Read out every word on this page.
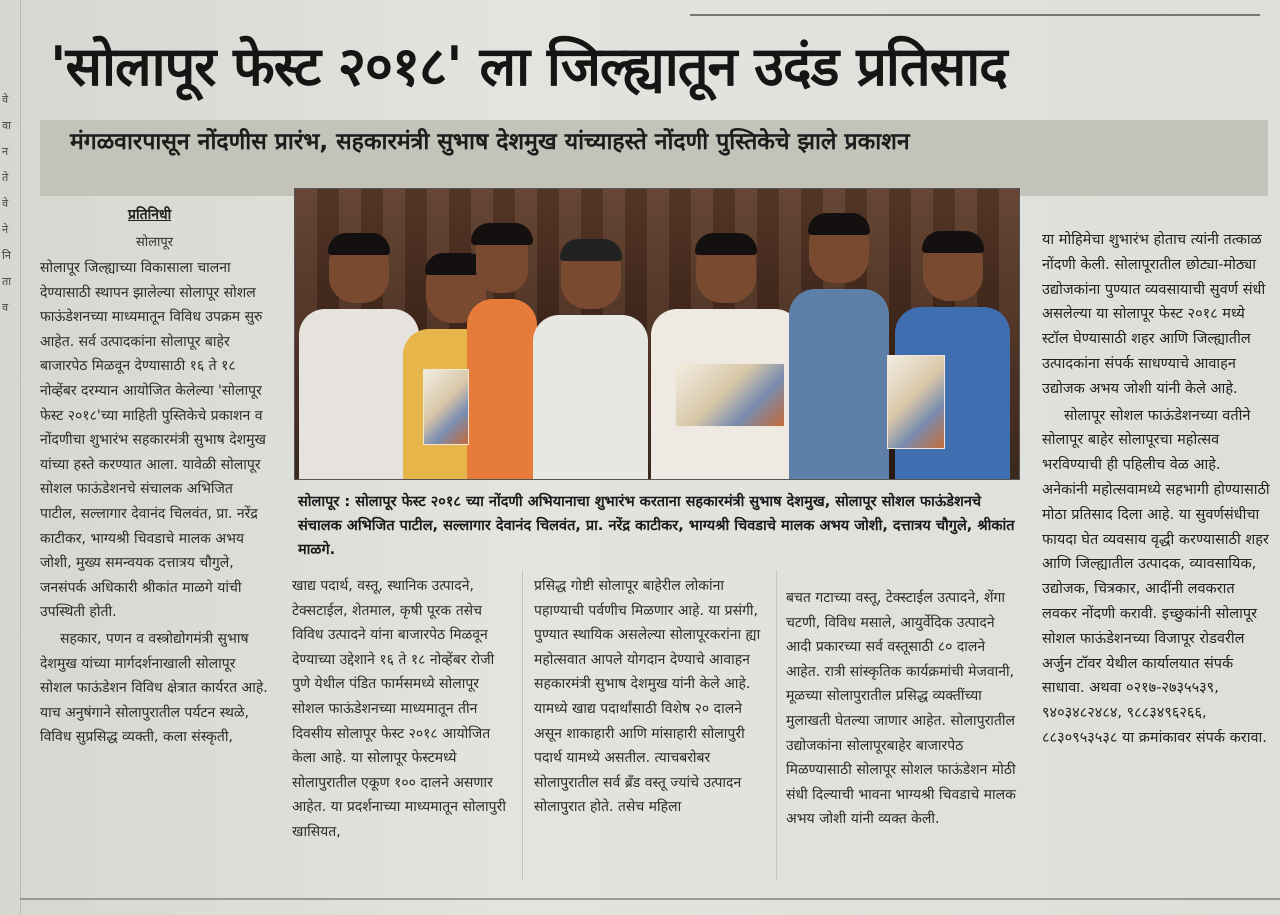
वे
वा
न
ते
वे
ने
नि
ता
व
'सोलापूर फेस्ट २०१८' ला जिल्ह्यातून उदंड प्रतिसाद
मंगळवारपासून नोंदणीस प्रारंभ, सहकारमंत्री सुभाष देशमुख यांच्याहस्ते नोंदणी पुस्तिकेचे झाले प्रकाशन
सोलापूर : सोलापूर फेस्ट २०१८ च्या नोंदणी अभियानाचा शुभारंभ करताना सहकारमंत्री सुभाष देशमुख, सोलापूर सोशल फाऊंडेशनचे संचालक अभिजित पाटील, सल्लागार देवानंद चिलवंत, प्रा. नरेंद्र काटीकर, भाग्यश्री चिवडाचे मालक अभय जोशी, दत्तात्रय चौगुले, श्रीकांत माळगे.
प्रतिनिधी
सोलापूर
सोलापूर जिल्ह्याच्या विकासाला चालना देण्यासाठी स्थापन झालेल्या सोलापूर सोशल फाऊंडेशनच्या माध्यमातून विविध उपक्रम सुरु आहेत. सर्व उत्पादकांना सोलापूर बाहेर बाजारपेठ मिळवून देण्यासाठी १६ ते १८ नोव्हेंबर दरम्यान आयोजित केलेल्या 'सोलापूर फेस्ट २०१८'च्या माहिती पुस्तिकेचे प्रकाशन व नोंदणीचा शुभारंभ सहकारमंत्री सुभाष देशमुख यांच्या हस्ते करण्यात आला. यावेळी सोलापूर सोशल फाऊंडेशनचे संचालक अभिजित पाटील, सल्लागार देवानंद चिलवंत, प्रा. नरेंद्र काटीकर, भाग्यश्री चिवडाचे मालक अभय जोशी, मुख्य समन्वयक दत्तात्रय चौगुले, जनसंपर्क अधिकारी श्रीकांत माळगे यांची उपस्थिती होती.
सहकार, पणन व वस्त्रोद्योगमंत्री सुभाष देशमुख यांच्या मार्गदर्शनाखाली सोलापूर सोशल फाऊंडेशन विविध क्षेत्रात कार्यरत आहे. याच अनुषंगाने सोलापुरातील पर्यटन स्थळे, विविध सुप्रसिद्ध व्यक्ती, कला संस्कृती,
खाद्य पदार्थ, वस्तू, स्थानिक उत्पादने, टेक्सटाईल, शेतमाल, कृषी पूरक तसेच विविध उत्पादने यांना बाजारपेठ मिळवून देण्याच्या उद्देशाने १६ ते १८ नोव्हेंबर रोजी पुणे येथील पंडित फार्मसमध्ये सोलापूर सोशल फाऊंडेशनच्या माध्यमातून तीन दिवसीय सोलापूर फेस्ट २०१८ आयोजित केला आहे. या सोलापूर फेस्टमध्ये सोलापुरातील एकूण १०० दालने असणार आहेत. या प्रदर्शनाच्या माध्यमातून सोलापुरी खासियत,
प्रसिद्ध गोष्टी सोलापूर बाहेरील लोकांना पहाण्याची पर्वणीच मिळणार आहे. या प्रसंगी, पुण्यात स्थायिक असलेल्या सोलापूरकरांना ह्या महोत्सवात आपले योगदान देण्याचे आवाहन सहकारमंत्री सुभाष देशमुख यांनी केले आहे. यामध्ये खाद्य पदार्थांसाठी विशेष २० दालने असून शाकाहारी आणि मांसाहारी सोलापुरी पदार्थ यामध्ये असतील. त्याचबरोबर सोलापुरातील सर्व ब्रँड वस्तू ज्यांचे उत्पादन सोलापुरात होते. तसेच महिला
बचत गटाच्या वस्तू, टेक्स्टाईल उत्पादने, शेंगा चटणी, विविध मसाले, आयुर्वेदिक उत्पादने आदी प्रकारच्या सर्व वस्तूसाठी ८० दालने आहेत. रात्री सांस्कृतिक कार्यक्रमांची मेजवानी, मूळच्या सोलापुरातील प्रसिद्ध व्यक्तींच्या मुलाखती घेतल्या जाणार आहेत. सोलापुरातील उद्योजकांना सोलापूरबाहेर बाजारपेठ मिळण्यासाठी सोलापूर सोशल फाऊंडेशन मोठी संधी दिल्याची भावना भाग्यश्री चिवडाचे मालक अभय जोशी यांनी व्यक्त केली.
या मोहिमेचा शुभारंभ होताच त्यांनी तत्काळ नोंदणी केली. सोलापूरातील छोट्या-मोठ्या उद्योजकांना पुण्यात व्यवसायाची सुवर्ण संधी असलेल्या या सोलापूर फेस्ट २०१८ मध्ये स्टॉल घेण्यासाठी शहर आणि जिल्ह्यातील उत्पादकांना संपर्क साधण्याचे आवाहन उद्योजक अभय जोशी यांनी केले आहे.
सोलापूर सोशल फाऊंडेशनच्या वतीने सोलापूर बाहेर सोलापूरचा महोत्सव भरविण्याची ही पहिलीच वेळ आहे. अनेकांनी महोत्सवामध्ये सहभागी होण्यासाठी मोठा प्रतिसाद दिला आहे. या सुवर्णसंधीचा फायदा घेत व्यवसाय वृद्धी करण्यासाठी शहर आणि जिल्ह्यातील उत्पादक, व्यावसायिक, उद्योजक, चित्रकार, आदींनी लवकरात लवकर नोंदणी करावी. इच्छुकांनी सोलापूर सोशल फाऊंडेशनच्या विजापूर रोडवरील अर्जुन टॉवर येथील कार्यालयात संपर्क साधावा. अथवा ०२१७-२७३५५३९, ९४०३४८२४८४, ९८८३४९६२६६, ८८३०९५३५३८ या क्रमांकावर संपर्क करावा.
